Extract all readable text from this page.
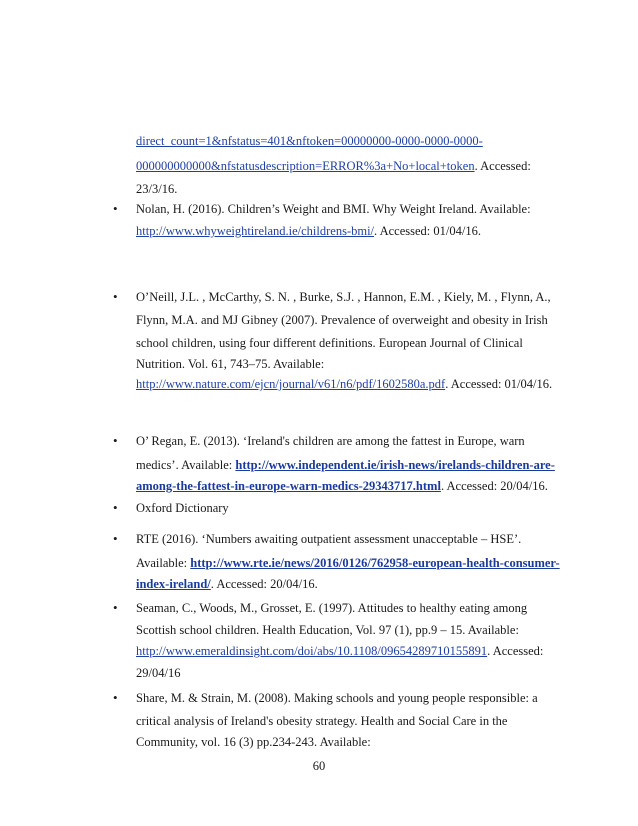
direct_count=1&nfstatus=401&nftoken=00000000-0000-0000-0000-
000000000000&nfstatusdescription=ERROR%3a+No+local+token. Accessed:
23/3/16.
• Nolan, H. (2016). Children’s Weight and BMI. Why Weight Ireland. Available:
http://www.whyweightireland.ie/childrens-bmi/. Accessed: 01/04/16.
• O’Neill, J.L. , McCarthy, S. N. , Burke, S.J. , Hannon, E.M. , Kiely, M. , Flynn, A.,
Flynn, M.A. and MJ Gibney (2007). Prevalence of overweight and obesity in Irish
school children, using four different definitions. European Journal of Clinical
Nutrition. Vol. 61, 743–75. Available:
http://www.nature.com/ejcn/journal/v61/n6/pdf/1602580a.pdf. Accessed: 01/04/16.
• O’ Regan, E. (2013). ‘Ireland's children are among the fattest in Europe, warn
medics’. Available: http://www.independent.ie/irish-news/irelands-children-are-
among-the-fattest-in-europe-warn-medics-29343717.html. Accessed: 20/04/16.
• Oxford Dictionary
• RTE (2016). ‘Numbers awaiting outpatient assessment unacceptable – HSE’.
Available: http://www.rte.ie/news/2016/0126/762958-european-health-consumer-
index-ireland/. Accessed: 20/04/16.
• Seaman, C., Woods, M., Grosset, E. (1997). Attitudes to healthy eating among
Scottish school children. Health Education, Vol. 97 (1), pp.9 – 15. Available:
http://www.emeraldinsight.com/doi/abs/10.1108/09654289710155891. Accessed:
29/04/16
• Share, M. & Strain, M. (2008). Making schools and young people responsible: a
critical analysis of Ireland's obesity strategy. Health and Social Care in the
Community, vol. 16 (3) pp.234-243. Available:
60
